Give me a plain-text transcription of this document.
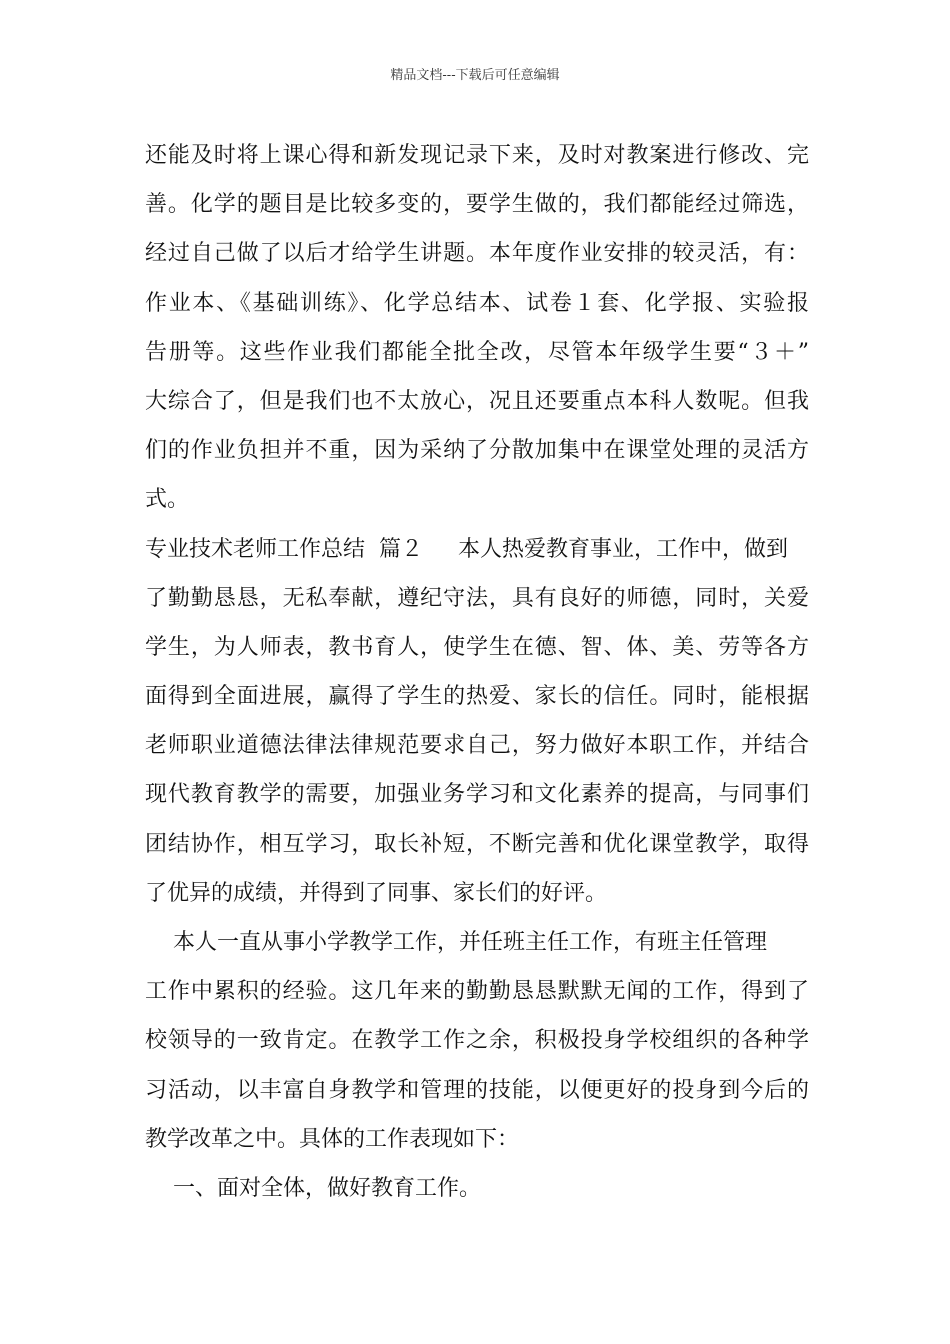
精品文档---下载后可任意编辑
还能及时将上课心得和新发现记录下来，及时对教案进行修改、完
善。化学的题目是比较多变的，要学生做的，我们都能经过筛选，
经过自己做了以后才给学生讲题。本年度作业安排的较灵活，有：
作业本、《基础训练》、化学总结本、试卷１套、化学报、实验报
告册等。这些作业我们都能全批全改，尽管本年级学生要“３＋”
大综合了，但是我们也不太放心，况且还要重点本科人数呢。但我
们的作业负担并不重，因为采纳了分散加集中在课堂处理的灵活方
式。
专业技术老师工作总结  篇２     本人热爱教育事业，工作中，做到
了勤勤恳恳，无私奉献，遵纪守法，具有良好的师德，同时，关爱
学生，为人师表，教书育人，使学生在德、智、体、美、劳等各方
面得到全面进展，赢得了学生的热爱、家长的信任。同时，能根据
老师职业道德法律法律规范要求自己，努力做好本职工作，并结合
现代教育教学的需要，加强业务学习和文化素养的提高，与同事们
团结协作，相互学习，取长补短，不断完善和优化课堂教学，取得
了优异的成绩，并得到了同事、家长们的好评。
本人一直从事小学教学工作，并任班主任工作，有班主任管理
工作中累积的经验。这几年来的勤勤恳恳默默无闻的工作，得到了
校领导的一致肯定。在教学工作之余，积极投身学校组织的各种学
习活动，以丰富自身教学和管理的技能，以便更好的投身到今后的
教学改革之中。具体的工作表现如下：
一、面对全体，做好教育工作。
